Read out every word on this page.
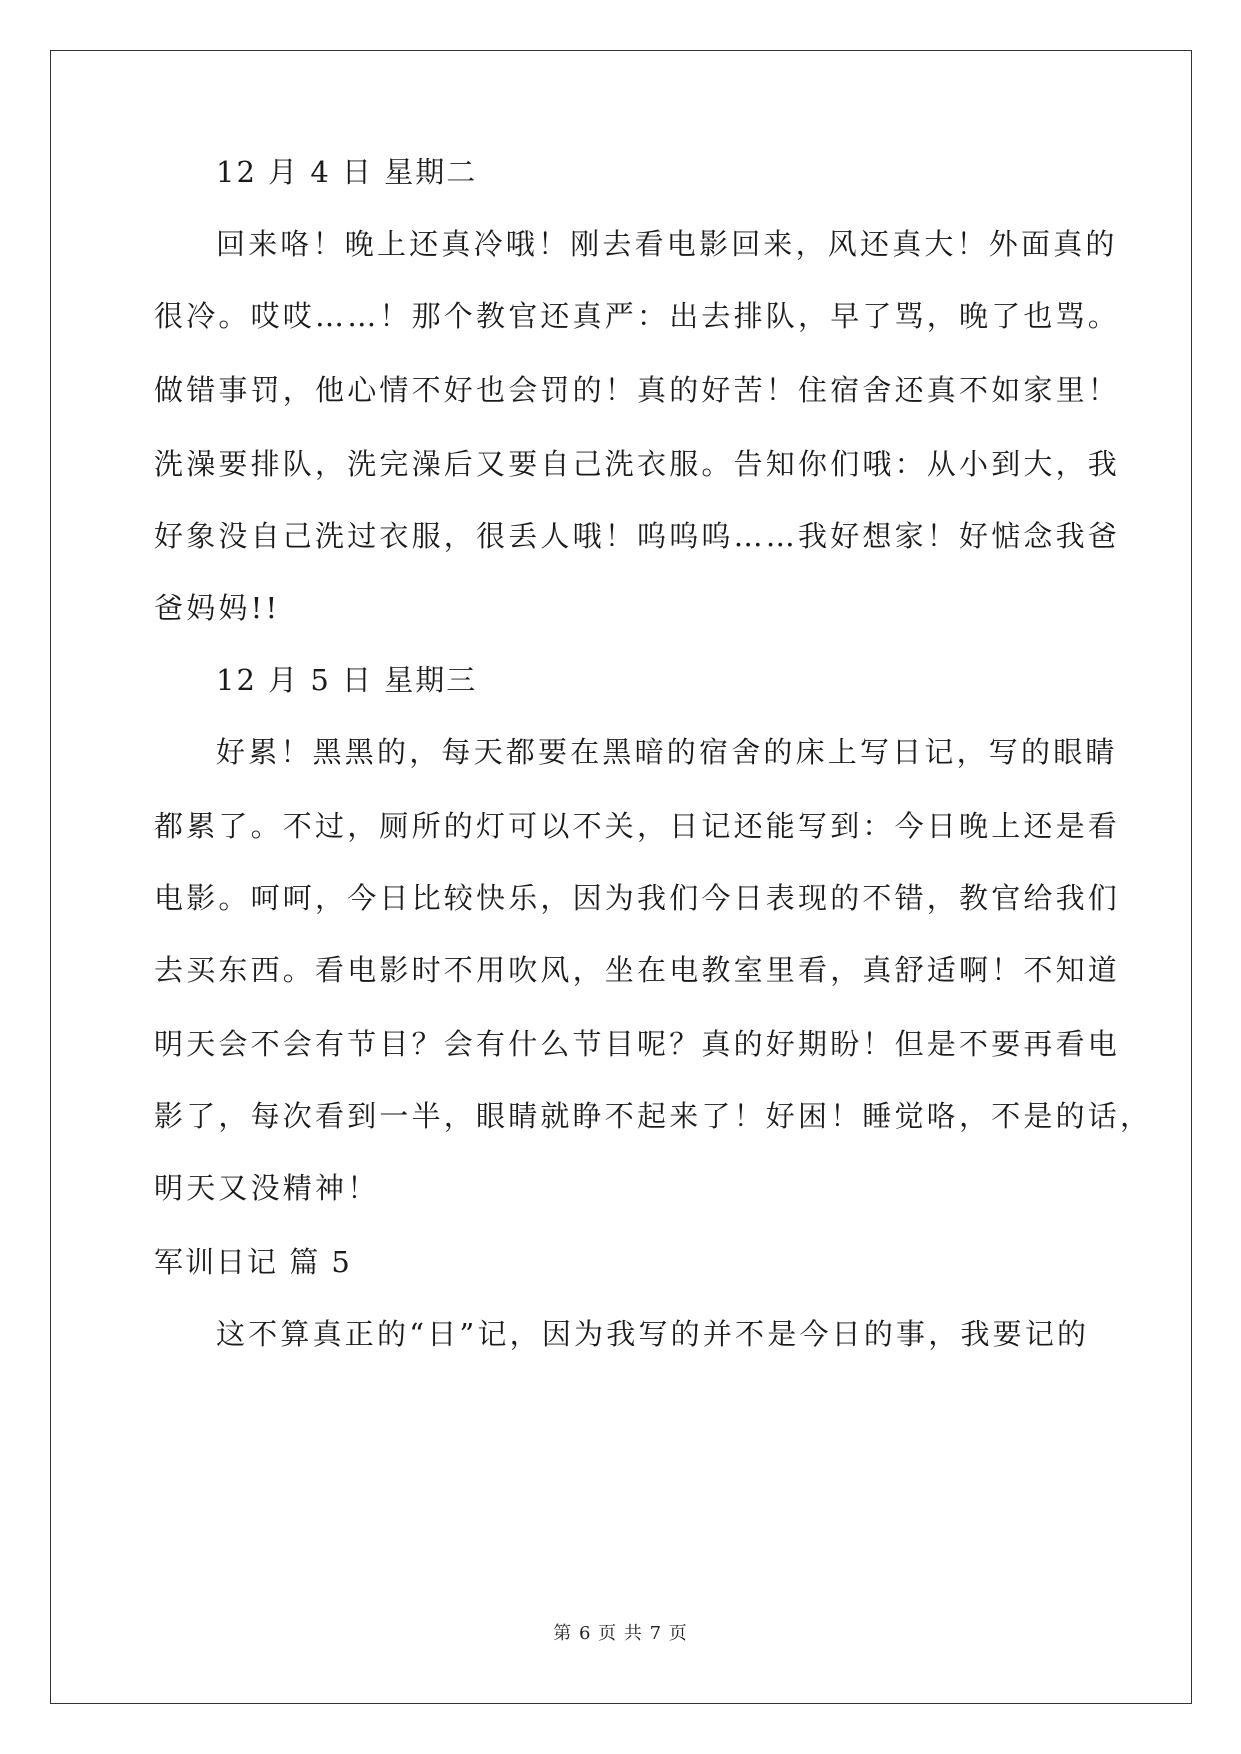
12 月 4 日 星期二
回来咯！晚上还真冷哦！刚去看电影回来，风还真大！外面真的
很冷。哎哎……！那个教官还真严：出去排队，早了骂，晚了也骂。
做错事罚，他心情不好也会罚的！真的好苦！住宿舍还真不如家里！
洗澡要排队，洗完澡后又要自己洗衣服。告知你们哦：从小到大，我
好象没自己洗过衣服，很丢人哦！呜呜呜……我好想家！好惦念我爸
爸妈妈!!
12 月 5 日 星期三
好累！黑黑的，每天都要在黑暗的宿舍的床上写日记，写的眼睛
都累了。不过，厕所的灯可以不关，日记还能写到：今日晚上还是看
电影。呵呵，今日比较快乐，因为我们今日表现的不错，教官给我们
去买东西。看电影时不用吹风，坐在电教室里看，真舒适啊！不知道
明天会不会有节目？会有什么节目呢？真的好期盼！但是不要再看电
影了，每次看到一半，眼睛就睁不起来了！好困！睡觉咯，不是的话，
明天又没精神！
军训日记 篇 5
这不算真正的“日”记，因为我写的并不是今日的事，我要记的
第 6 页 共 7 页
